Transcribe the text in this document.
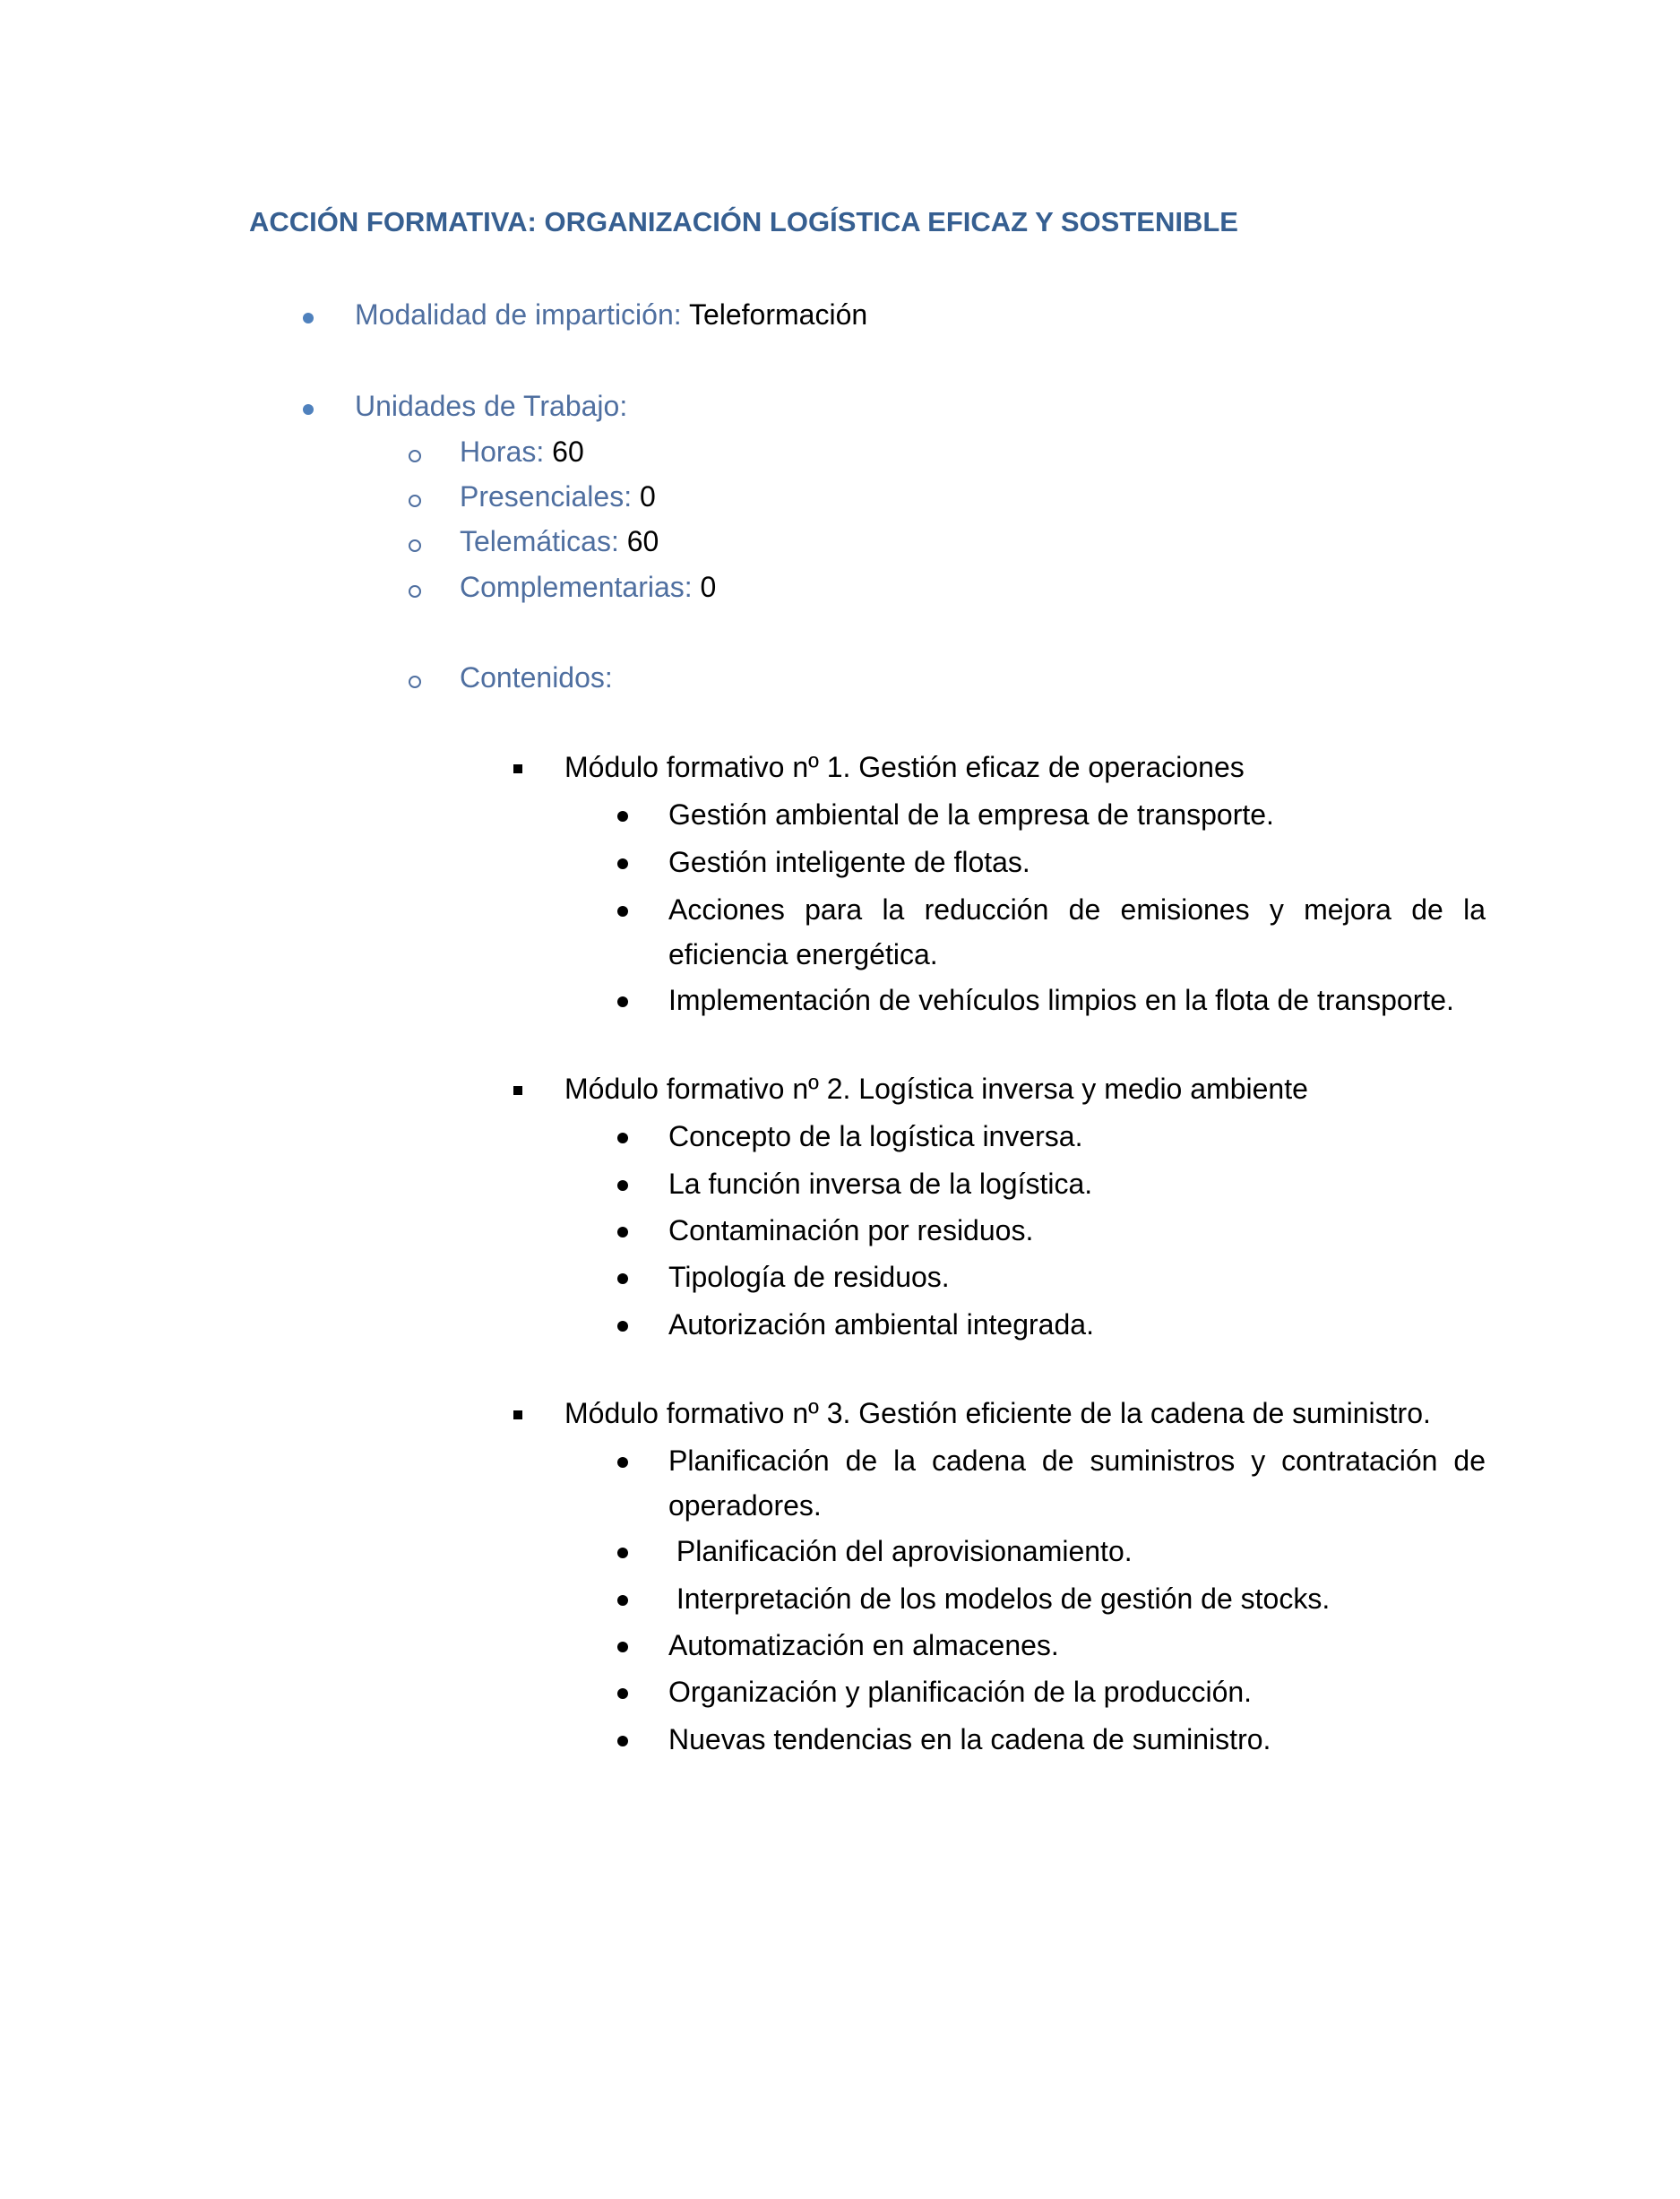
ACCIÓN FORMATIVA: ORGANIZACIÓN LOGÍSTICA EFICAZ Y SOSTENIBLE
Modalidad de impartición: Teleformación
Unidades de Trabajo:
Horas: 60
Presenciales: 0
Telemáticas: 60
Complementarias: 0
Contenidos:
Módulo formativo nº 1. Gestión eficaz de operaciones
Gestión ambiental de la empresa de transporte.
Gestión inteligente de flotas.
Acciones para la reducción de emisiones y mejora de la
eficiencia energética.
Implementación de vehículos limpios en la flota de transporte.
Módulo formativo nº 2. Logística inversa y medio ambiente
Concepto de la logística inversa.
La función inversa de la logística.
Contaminación por residuos.
Tipología de residuos.
Autorización ambiental integrada.
Módulo formativo nº 3. Gestión eficiente de la cadena de suministro.
Planificación de la cadena de suministros y contratación de
operadores.
Planificación del aprovisionamiento.
Interpretación de los modelos de gestión de stocks.
Automatización en almacenes.
Organización y planificación de la producción.
Nuevas tendencias en la cadena de suministro.
